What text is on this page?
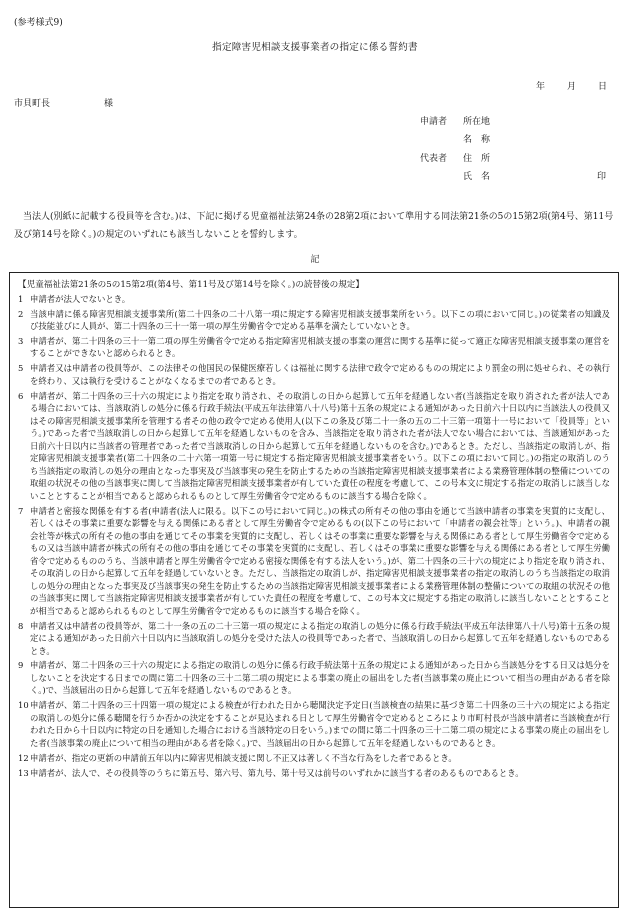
(参考様式9)
指定障害児相談支援事業者の指定に係る誓約書
年 月 日
市貝町長	様
申請者 所在地
名　称
代表者 住　所
氏　名	印
当法人(別紙に記載する役員等を含む。)は、下記に掲げる児童福祉法第24条の28第2項において準用する同法第21条の5の15第2項(第4号、第11号及び第14号を除く。)の規定のいずれにも該当しないことを誓約します。
記
【児童福祉法第21条の5の15第2項(第4号、第11号及び第14号を除く。)の読替後の規定】
1 申請者が法人でないとき。
2 当該申請に係る障害児相談支援事業所(第二十四条の二十八第一項に規定する障害児相談支援事業所をいう。以下この項において同じ。)の従業者の知識及び技能並びに人員が、第二十四条の三十一第一項の厚生労働省令で定める基準を満たしていないとき。
3 申請者が、第二十四条の三十一第二項の厚生労働省令で定める指定障害児相談支援の事業の運営に関する基準に従って適正な障害児相談支援事業の運営をすることができないと認められるとき。
5 申請者又は申請者の役員等が、この法律その他国民の保健医療若しくは福祉に関する法律で政令で定めるものの規定により罰金の刑に処せられ、その執行を終わり、又は執行を受けることがなくなるまでの者であるとき。
6 申請者が、第二十四条の三十六の規定により指定を取り消され、その取消しの日から起算して五年を経過しない者(当該指定を取り消された者が法人である場合においては、当該取消しの処分に係る行政手続法(平成五年法律第八十八号)第十五条の規定による通知があった日前六十日以内に当該法人の役員又はその障害児相談支援事業所を管理する者その他の政令で定める使用人(以下この条及び第二十一条の五の二十三第一項第十一号において「役員等」という。)であった者で当該取消しの日から起算して五年を経過しないものを含み、当該指定を取り消された者が法人でない場合においては、当該通知があった日前六十日以内に当該者の管理者であった者で当該取消しの日から起算して五年を経過しないものを含む。)であるとき。ただし、当該指定の取消しが、指定障害児相談支援事業者(第二十四条の二十六第一項第一号に規定する指定障害児相談支援事業者をいう。以下この項において同じ。)の指定の取消しのうち当該指定の取消しの処分の理由となった事実及び当該事実の発生を防止するための当該指定障害児相談支援事業者による業務管理体制の整備についての取組の状況その他の当該事実に関して当該指定障害児相談支援事業者が有していた責任の程度を考慮して、この号本文に規定する指定の取消しに該当しないこととすることが相当であると認められるものとして厚生労働省令で定めるものに該当する場合を除く。
7 申請者と密接な関係を有する者(申請者(法人に限る。以下この号において同じ。)の株式の所有その他の事由を通じて当該申請者の事業を実質的に支配し、若しくはその事業に重要な影響を与える関係にある者として厚生労働省令で定めるもの(以下この号において「申請者の親会社等」という。)、申請者の親会社等が株式の所有その他の事由を通じてその事業を実質的に支配し、若しくはその事業に重要な影響を与える関係にある者として厚生労働省令で定めるもの又は当該申請者が株式の所有その他の事由を通じてその事業を実質的に支配し、若しくはその事業に重要な影響を与える関係にある者として厚生労働省令で定めるもののうち、当該申請者と厚生労働省令で定める密接な関係を有する法人をいう。)が、第二十四条の三十六の規定により指定を取り消され、その取消しの日から起算して五年を経過していないとき。ただし、当該指定の取消しが、指定障害児相談支援事業者の指定の取消しのうち当該指定の取消しの処分の理由となった事実及び当該事実の発生を防止するための当該指定障害児相談支援事業者による業務管理体制の整備についての取組の状況その他の当該事実に関して当該指定障害児相談支援事業者が有していた責任の程度を考慮して、この号本文に規定する指定の取消しに該当しないこととすることが相当であると認められるものとして厚生労働省令で定めるものに該当する場合を除く。
8 申請者又は申請者の役員等が、第二十一条の五の二十三第一項の規定による指定の取消しの処分に係る行政手続法(平成五年法律第八十八号)第十五条の規定による通知があった日前六十日以内に当該取消しの処分を受けた法人の役員等であった者で、当該取消しの日から起算して五年を経過しないものであるとき。
9 申請者が、第二十四条の三十六の規定による指定の取消しの処分に係る行政手続法第十五条の規定による通知があった日から当該処分をする日又は処分をしないことを決定する日までの間に第二十四条の三十二第二項の規定による事業の廃止の届出をした者(当該事業の廃止について相当の理由がある者を除く。)で、当該届出の日から起算して五年を経過しないものであるとき。
10 申請者が、第二十四条の三十四第一項の規定による検査が行われた日から聴聞決定予定日(当該検査の結果に基づき第二十四条の三十六の規定による指定の取消しの処分に係る聴聞を行うか否かの決定をすることが見込まれる日として厚生労働省令で定めるところにより市町村長が当該申請者に当該検査が行われた日から十日以内に特定の日を通知した場合における当該特定の日をいう。)までの間に第二十四条の三十二第二項の規定による事業の廃止の届出をした者(当該事業の廃止について相当の理由がある者を除く。)で、当該届出の日から起算して五年を経過しないものであるとき。
12 申請者が、指定の更新の申請前五年以内に障害児相談支援に関し不正又は著しく不当な行為をした者であるとき。
13 申請者が、法人で、その役員等のうちに第五号、第六号、第九号、第十号又は前号のいずれかに該当する者のあるものであるとき。
